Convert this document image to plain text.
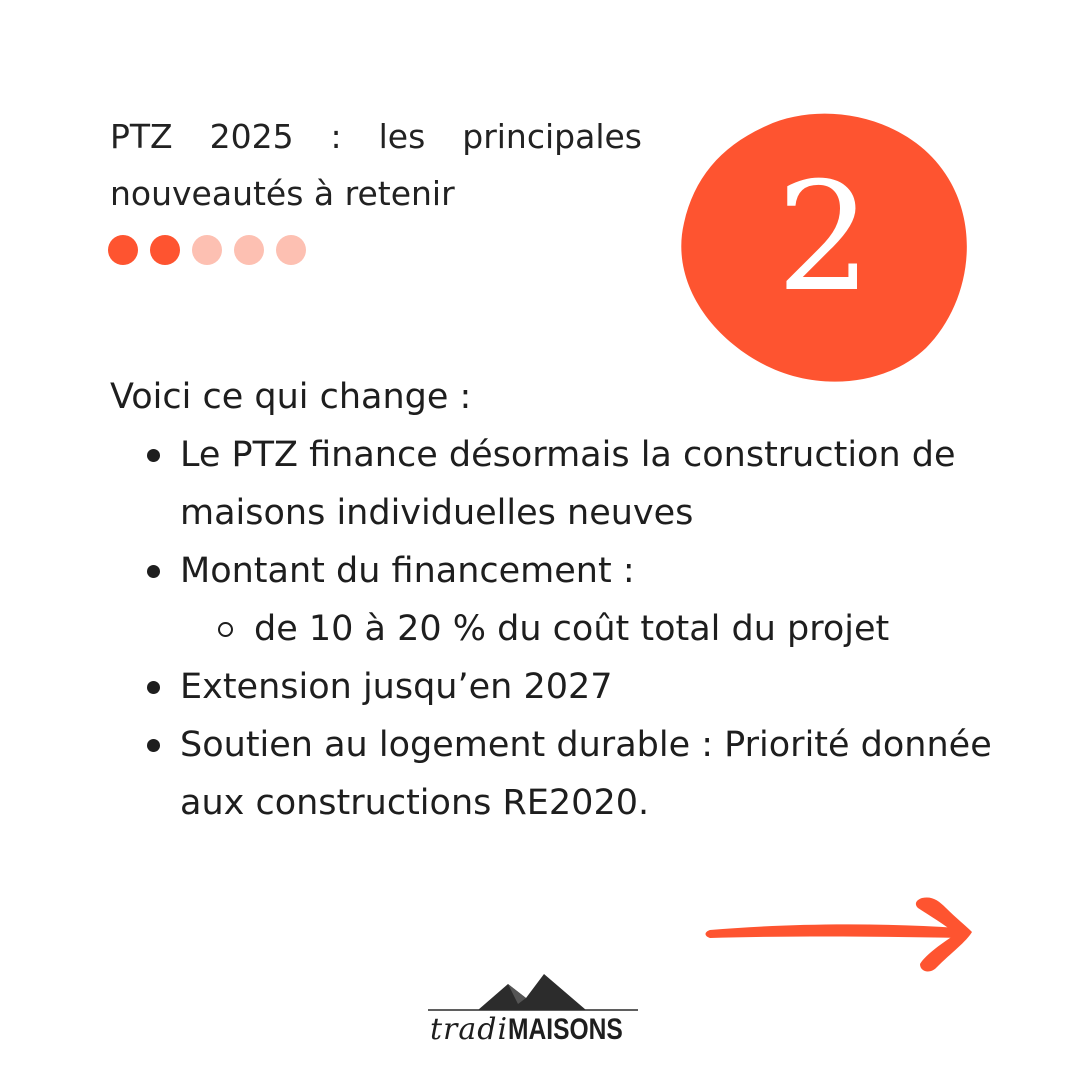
PTZ 2025 : les principales nouveautés à retenir	2
Voici ce qui change :
Le PTZ finance désormais la construction de maisons individuelles neuves
Montant du financement :
de 10 à 20 % du coût total du projet
Extension jusqu’en 2027
Soutien au logement durable : Priorité donnée aux constructions RE2020.
tradiMAISONS
